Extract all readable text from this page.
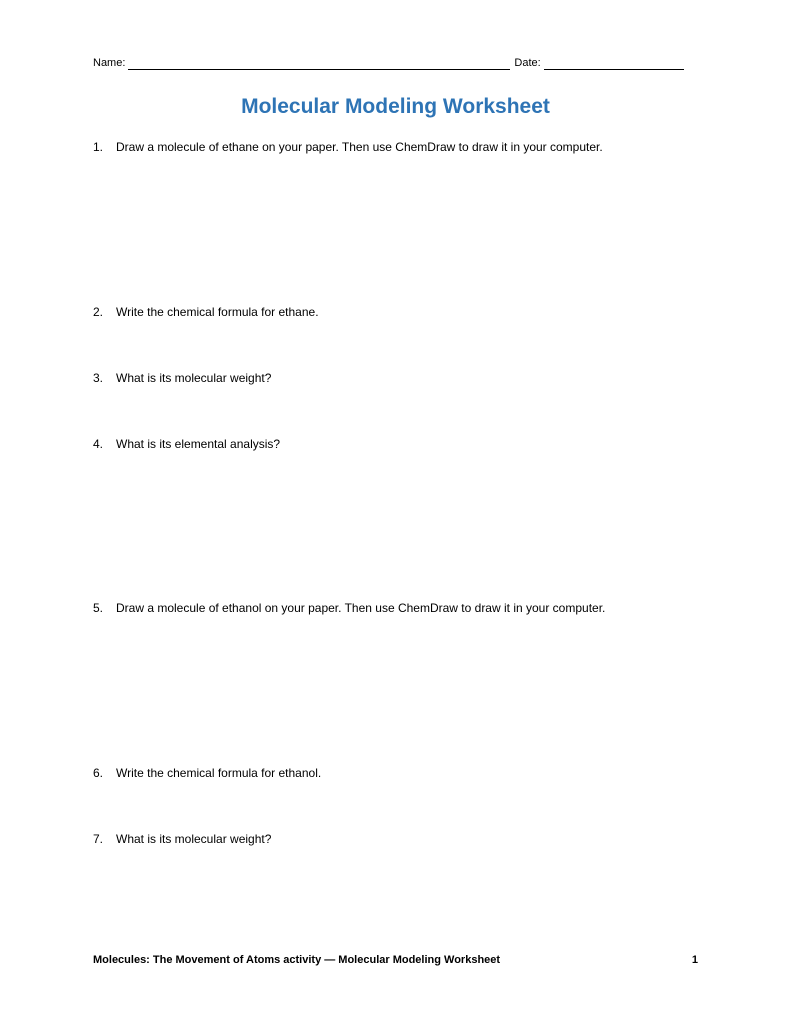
Name:	Date:
Molecular Modeling Worksheet
1.	Draw a molecule of ethane on your paper. Then use ChemDraw to draw it in your computer.
2.	Write the chemical formula for ethane.
3.	What is its molecular weight?
4.	What is its elemental analysis?
5.	Draw a molecule of ethanol on your paper. Then use ChemDraw to draw it in your computer.
6.	Write the chemical formula for ethanol.
7.	What is its molecular weight?
Molecules: The Movement of Atoms activity — Molecular Modeling Worksheet	1
